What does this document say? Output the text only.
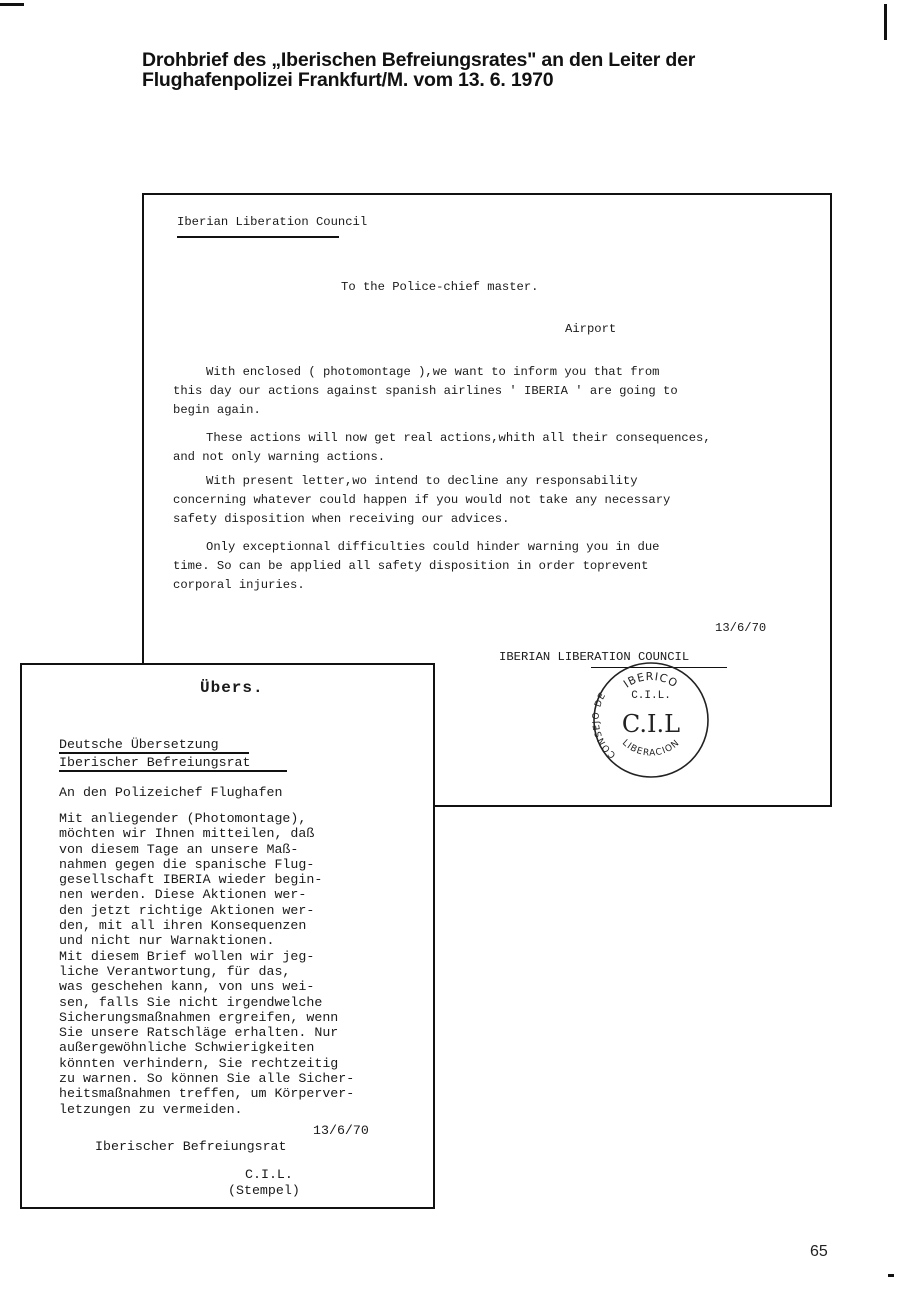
Drohbrief des „Iberischen Befreiungsrates" an den Leiter der
Flughafenpolizei Frankfurt/M. vom 13. 6. 1970
Iberian Liberation Council
To the Police-chief master.
Airport
With enclosed ( photomontage ),we want to inform you that from
this day our actions against spanish airlines ' IBERIA ' are going to
begin again.
These actions will now get real actions,whith all their consequences,
and not only warning actions.
With present letter,wo intend to decline any responsability
concerning whatever could happen if you would not take any necessary
safety disposition when receiving our advices.
Only exceptionnal difficulties could hinder warning you in due
time. So can be applied all safety disposition in order toprevent
corporal injuries.
13/6/70
IBERIAN LIBERATION COUNCIL
IBERICO
CONSEJO DE
LIBERACION
C.I.L.
C.I.L
Übers.
Deutsche Übersetzung
Iberischer Befreiungsrat
An den Polizeichef Flughafen
Mit anliegender (Photomontage),
möchten wir Ihnen mitteilen, daß
von diesem Tage an unsere Maß-
nahmen gegen die spanische Flug-
gesellschaft IBERIA wieder begin-
nen werden. Diese Aktionen wer-
den jetzt richtige Aktionen wer-
den, mit all ihren Konsequenzen
und nicht nur Warnaktionen.
Mit diesem Brief wollen wir jeg-
liche Verantwortung, für das,
was geschehen kann, von uns wei-
sen, falls Sie nicht irgendwelche
Sicherungsmaßnahmen ergreifen, wenn
Sie unsere Ratschläge erhalten. Nur
außergewöhnliche Schwierigkeiten
könnten verhindern, Sie rechtzeitig
zu warnen. So können Sie alle Sicher-
heitsmaßnahmen treffen, um Körperver-
letzungen zu vermeiden.
13/6/70
Iberischer Befreiungsrat
C.I.L.
(Stempel)
65
